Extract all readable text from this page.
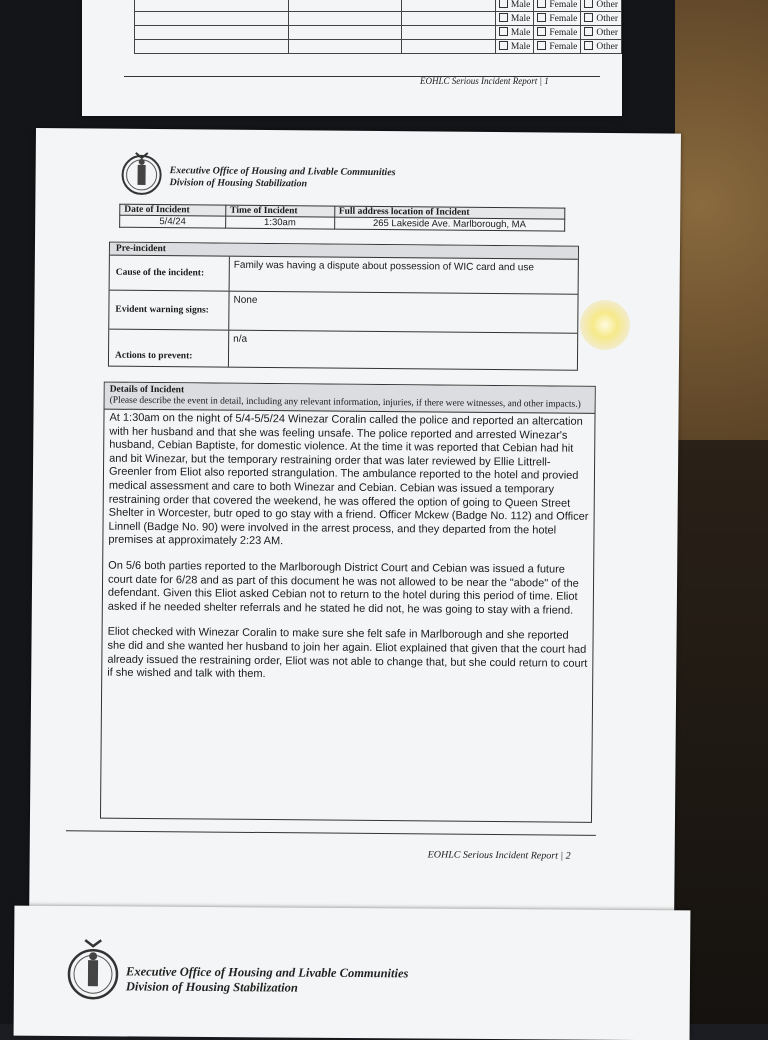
			Male	Female	Other
			Male	Female	Other
			Male	Female	Other
			Male	Female	Other
EOHLC Serious Incident Report | 1
Executive Office of Housing and Livable Communities
Division of Housing Stabilization
Date of Incident	Time of Incident	Full address location of Incident
5/4/24	1:30am	265 Lakeside Ave. Marlborough, MA
Pre-incident
Cause of the incident:	Family was having a dispute about possession of WIC card and use
Evident warning signs:
None
Actions to prevent:
n/a
Details of Incident
(Please describe the event in detail, including any relevant information, injuries, if there were witnesses, and other impacts.)

At 1:30am on the night of 5/4-5/5/24 Winezar Coralin called the police and reported an altercation with her husband and that she was feeling unsafe. The police reported and arrested Winezar's husband, Cebian Baptiste, for domestic violence. At the time it was reported that Cebian had hit and bit Winezar, but the temporary restraining order that was later reviewed by Ellie Littrell-Greenler from Eliot also reported strangulation. The ambulance reported to the hotel and provied medical assessment and care to both Winezar and Cebian. Cebian was issued a temporary restraining order that covered the weekend, he was offered the option of going to Queen Street Shelter in Worcester, butr oped to go stay with a friend. Officer Mckew (Badge No. 112) and Officer Linnell (Badge No. 90) were involved in the arrest process, and they departed from the hotel premises at approximately 2:23 AM.

On 5/6 both parties reported to the Marlborough District Court and Cebian was issued a future court date for 6/28 and as part of this document he was not allowed to be near the "abode" of the defendant. Given this Eliot asked Cebian not to return to the hotel during this period of time. Eliot asked if he needed shelter referrals and he stated he did not, he was going to stay with a friend.

Eliot checked with Winezar Coralin to make sure she felt safe in Marlborough and she reported she did and she wanted her husband to join her again. Eliot explained that given that the court had already issued the restraining order, Eliot was not able to change that, but she could return to court if she wished and talk with them.

EOHLC Serious Incident Report | 2
Executive Office of Housing and Livable Communities
Division of Housing Stabilization
